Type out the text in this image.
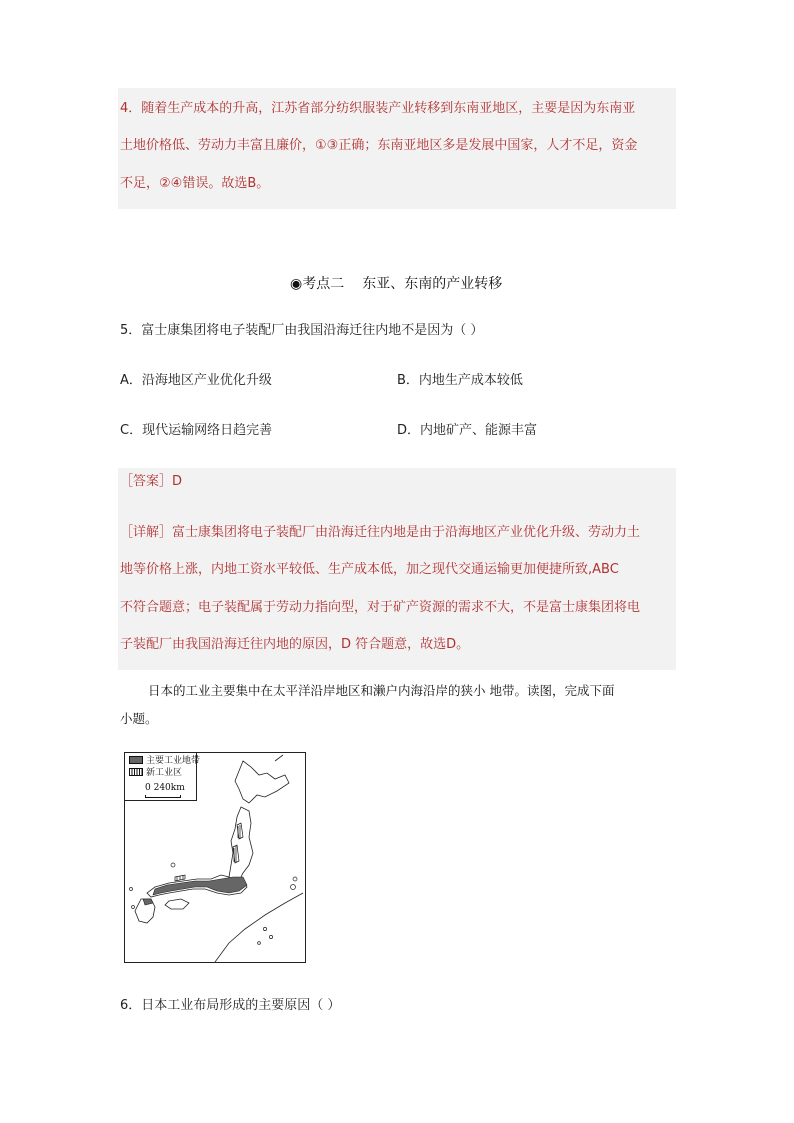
4．随着生产成本的升高，江苏省部分纺织服装产业转移到东南亚地区，主要是因为东南亚
土地价格低、劳动力丰富且廉价，①③正确；东南亚地区多是发展中国家，人才不足，资金
不足，②④错误。故选B。
◉考点二 东亚、东南的产业转移
5．富士康集团将电子装配厂由我国沿海迁往内地不是因为（ ）
A．沿海地区产业优化升级	B．内地生产成本较低
C．现代运输网络日趋完善	D．内地矿产、能源丰富
［答案］D
［详解］富士康集团将电子装配厂由沿海迁往内地是由于沿海地区产业优化升级、劳动力土
地等价格上涨，内地工资水平较低、生产成本低，加之现代交通运输更加便捷所致,ABC
不符合题意；电子装配属于劳动力指向型，对于矿产资源的需求不大，不是富士康集团将电
子装配厂由我国沿海迁往内地的原因，D 符合题意，故选D。
日本的工业主要集中在太平洋沿岸地区和濑户内海沿岸的狭小 地带。读图，完成下面
小题。
主要工业地带
新工业区
0 240km
6．日本工业布局形成的主要原因（ ）
